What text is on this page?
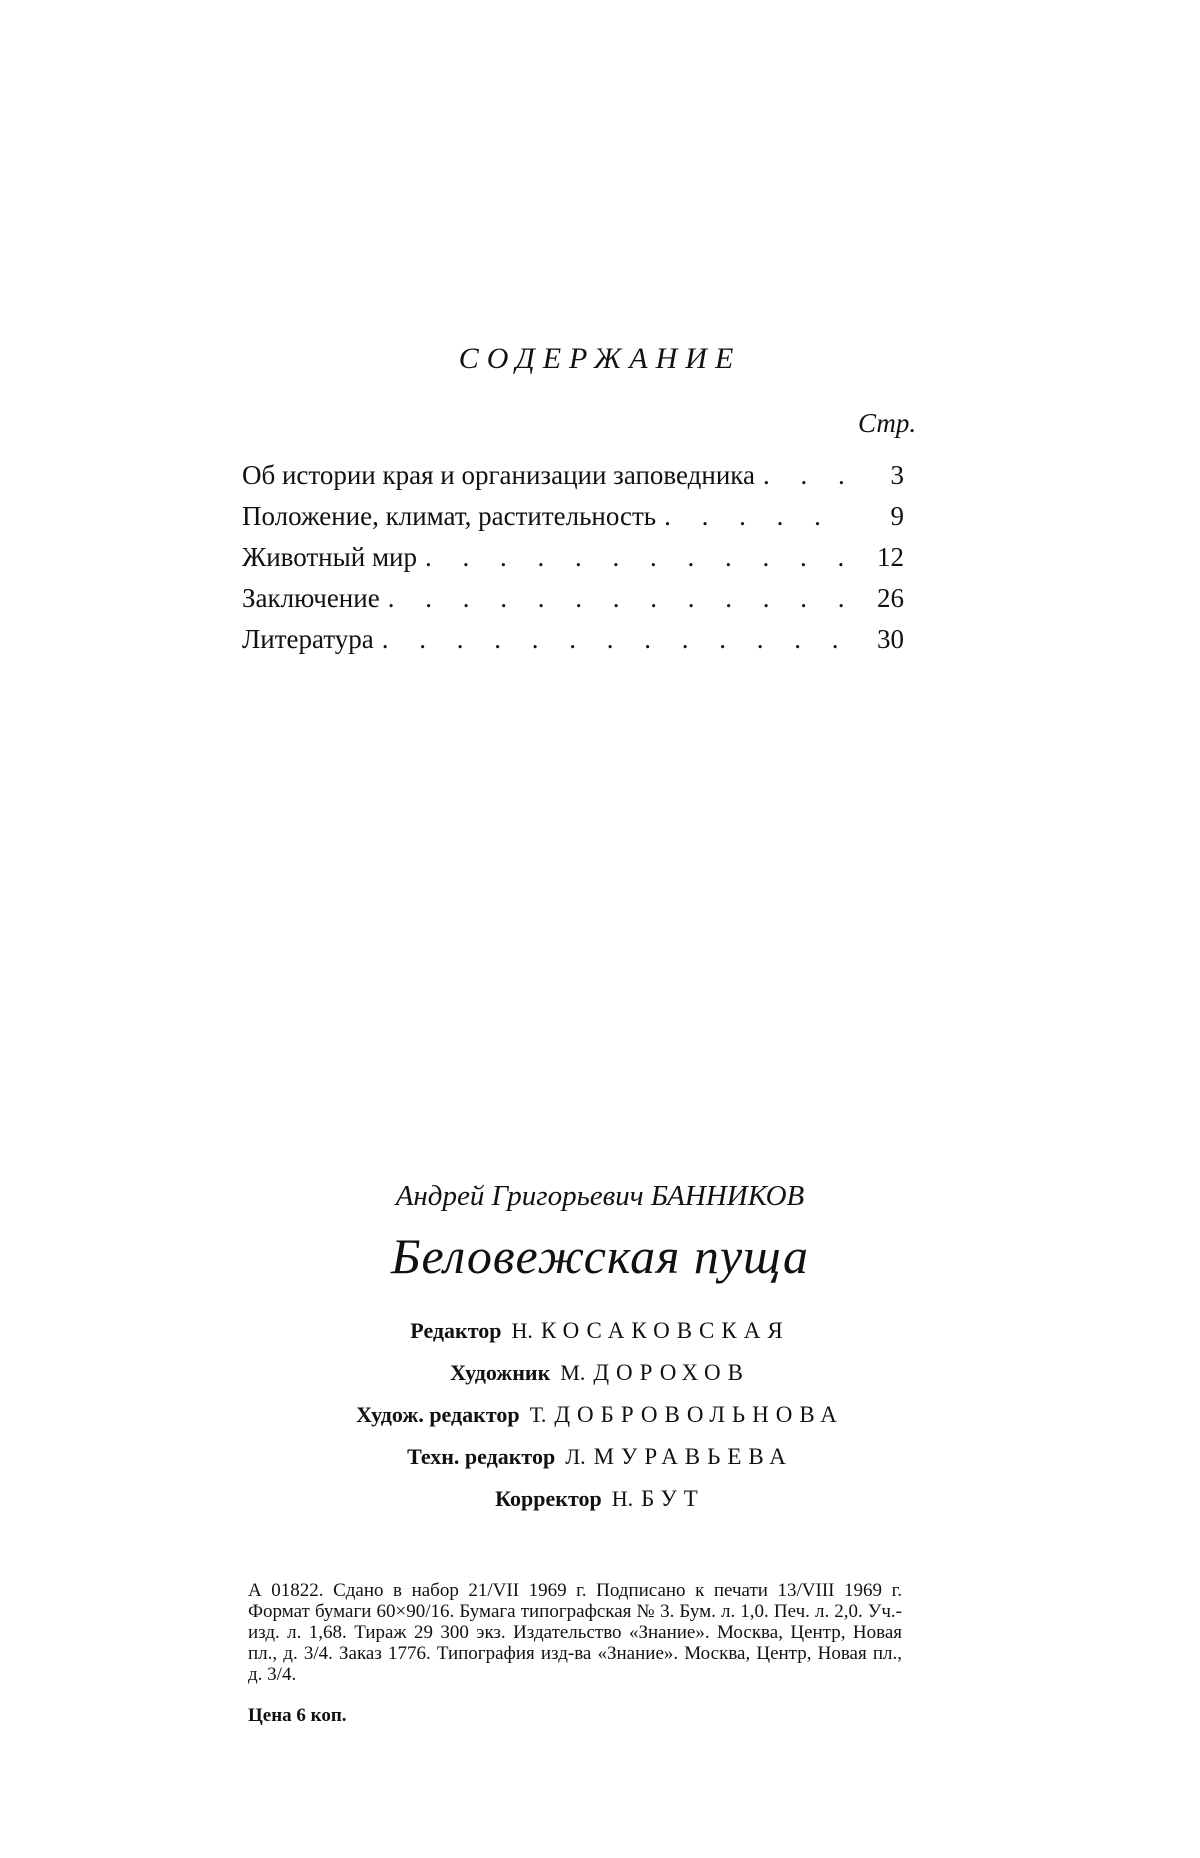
СОДЕРЖАНИЕ
Стр.
Об истории края и организации заповедника . . .	3
Положение, климат, растительность . . .	9
Животный мир . . .	12
Заключение . . .	26
Литература . . .	30
Андрей Григорьевич БАННИКОВ
Беловежская пуща
Редактор Н. КОСАКОВСКАЯ
Художник М. ДОРОХОВ
Худож. редактор Т. ДОБРОВОЛЬНОВА
Техн. редактор Л. МУРАВЬЕВА
Корректор Н. БУТ

А 01822. Сдано в набор 21/VII 1969 г. Подписано к печати 13/VIII 1969 г. Формат бумаги 60×90/16. Бумага типографская № 3. Бум. л. 1,0. Печ. л. 2,0. Уч.-изд. л. 1,68. Тираж 29 300 экз. Издательство «Знание». Москва, Центр, Новая пл., д. 3/4. Заказ 1776. Типография изд-ва «Знание». Москва, Центр, Новая пл., д. 3/4.

Цена 6 коп.
